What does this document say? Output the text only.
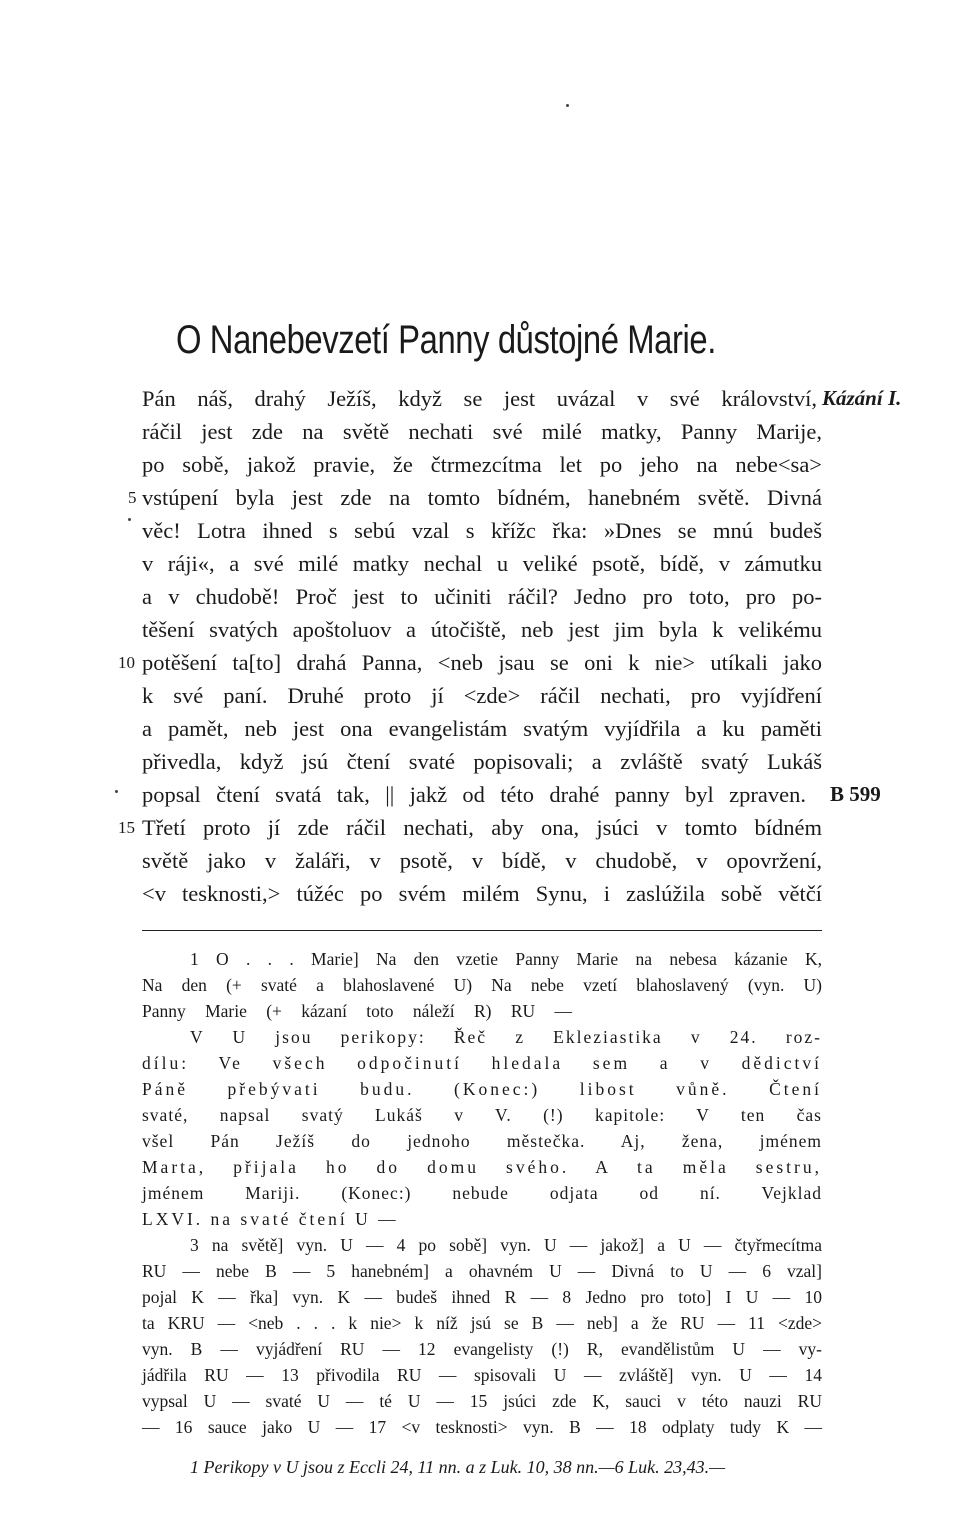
O Nanebevzetí Panny důstojné Marie.
Pán náš, drahý Ježíš, když se jest uvázal v své království, Kázání I.
ráčil jest zde na světě nechati své milé matky, Panny Marije,
po sobě, jakož pravie, že čtrmezcítma let po jeho na nebe<sa>
5 vstúpení byla jest zde na tomto bídném, hanebném světě. Divná
věc! Lotra ihned s sebú vzal s křížc řka: »Dnes se mnú budeš
v ráji«, a své milé matky nechal u veliké psotě, bídě, v zámutku
a v chudobě! Proč jest to učiniti ráčil? Jedno pro toto, pro po-
těšení svatých apoštoluov a útočiště, neb jest jim byla k velikému
10 potěšení ta[to] drahá Panna, <neb jsau se oni k nie> utíkali jako
k své paní. Druhé proto jí <zde> ráčil nechati, pro vyjídření
a pamět, neb jest ona evangelistám svatým vyjídřila a ku paměti
přivedla, když jsú čtení svaté popisovali; a zvláště svatý Lukáš
popsal čtení svatá tak, || jakž od této drahé panny byl zpraven. B 599
15 Třetí proto jí zde ráčil nechati, aby ona, jsúci v tomto bídném
světě jako v žaláři, v psotě, v bídě, v chudobě, v opovržení,
<v tesknosti,> túžéc po svém milém Synu, i zaslúžila sobě větčí
1 O . . . Marie] Na den vzetie Panny Marie na nebesa kázanie K,
Na den (+ svaté a blahoslavené U) Na nebe vzetí blahoslavený (vyn. U)
Panny Marie (+ kázaní toto náleží R) RU —
V U jsou perikopy: Řeč z Ekleziastika v 24. roz-
dílu: Ve všech odpočinutí hledala sem a v dědictví
Páně přebývati budu. (Konec:) libost vůně. Čtení
svaté, napsal svatý Lukáš v V. (!) kapitole: V ten čas
všel Pán Ježíš do jednoho městečka. Aj, žena, jménem
Marta, přijala ho do domu svého. A ta měla sestru,
jménem Mariji. (Konec:) nebude odjata od ní. Vejklad
LXVI. na svaté čtení U —
3 na světě] vyn. U — 4 po sobě] vyn. U — jakož] a U — čtyřmecítma
RU — nebe B — 5 hanebném] a ohavném U — Divná to U — 6 vzal]
pojal K — řka] vyn. K — budeš ihned R — 8 Jedno pro toto] I U — 10
ta KRU — <neb . . . k nie> k níž jsú se B — neb] a že RU — 11 <zde>
vyn. B — vyjádření RU — 12 evangelisty (!) R, evandělistům U — vy-
jádřila RU — 13 přivodila RU — spisovali U — zvláště] vyn. U — 14
vypsal U — svaté U — té U — 15 jsúci zde K, sauci v této nauzi RU
— 16 sauce jako U — 17 <v tesknosti> vyn. B — 18 odplaty tudy K —
1 Perikopy v U jsou z Eccli 24, 11 nn. a z Luk. 10, 38 nn.—6 Luk. 23,43.—
